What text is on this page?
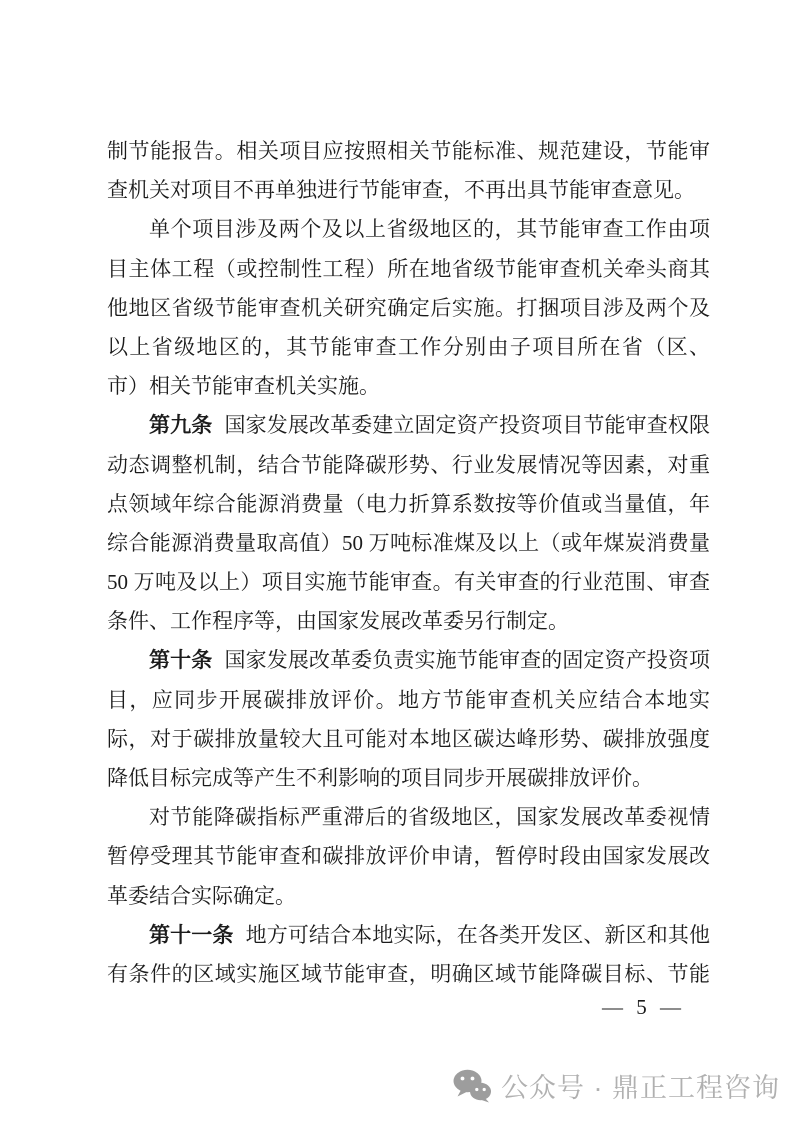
制节能报告。相关项目应按照相关节能标准、规范建设，节能审
查机关对项目不再单独进行节能审查，不再出具节能审查意见。
单个项目涉及两个及以上省级地区的，其节能审查工作由项
目主体工程（或控制性工程）所在地省级节能审查机关牵头商其
他地区省级节能审查机关研究确定后实施。打捆项目涉及两个及
以上省级地区的，其节能审查工作分别由子项目所在省（区、
市）相关节能审查机关实施。
第九条 国家发展改革委建立固定资产投资项目节能审查权限
动态调整机制，结合节能降碳形势、行业发展情况等因素，对重
点领域年综合能源消费量（电力折算系数按等价值或当量值，年
综合能源消费量取高值）50 万吨标准煤及以上（或年煤炭消费量
50 万吨及以上）项目实施节能审查。有关审查的行业范围、审查
条件、工作程序等，由国家发展改革委另行制定。
第十条 国家发展改革委负责实施节能审查的固定资产投资项
目，应同步开展碳排放评价。地方节能审查机关应结合本地实
际，对于碳排放量较大且可能对本地区碳达峰形势、碳排放强度
降低目标完成等产生不利影响的项目同步开展碳排放评价。
对节能降碳指标严重滞后的省级地区，国家发展改革委视情
暂停受理其节能审查和碳排放评价申请，暂停时段由国家发展改
革委结合实际确定。
第十一条 地方可结合本地实际，在各类开发区、新区和其他
有条件的区域实施区域节能审查，明确区域节能降碳目标、节能
— 5 —
公众号 · 鼎正工程咨询
